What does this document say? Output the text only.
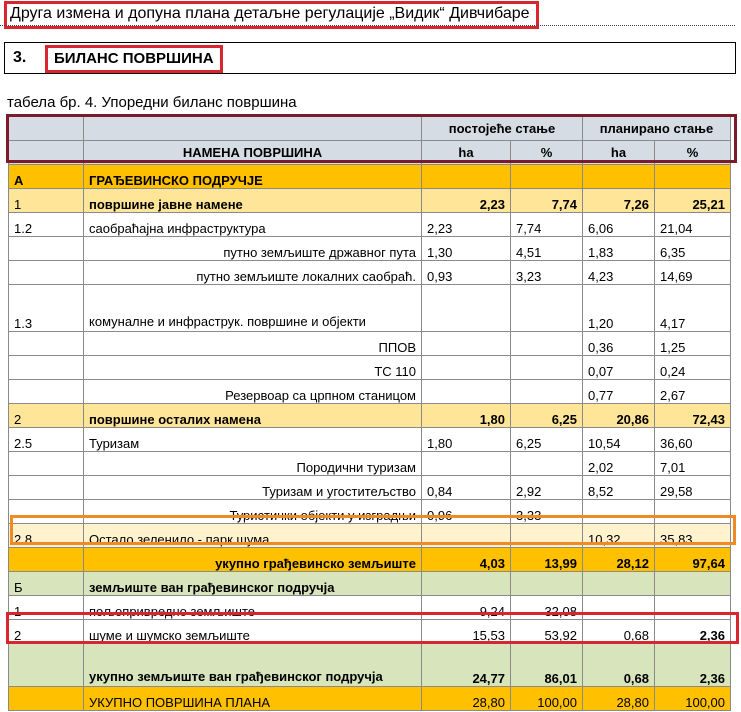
Друга измена и допуна плана детаљне регулације „Видик“ Дивчибаре
3.	БИЛАНС ПОВРШИНА
табела бр. 4. Упоредни биланс површина
		постојеће стање		планирано стање	
	НАМЕНА ПОВРШИНА	ha	%	ha	%
А	ГРАЂЕВИНСКО ПОДРУЧЈЕ				
1	површине јавне намене	2,23	7,74	7,26	25,21
1.2	саобраћајна инфраструктура	2,23	7,74	6,06	21,04
	путно земљиште државног пута	1,30	4,51	1,83	6,35
	путно земљиште локалних саобраћ.	0,93	3,23	4,23	14,69
1.3	комуналне и инфраструк. површине и објекти			1,20	4,17
	ППОВ			0,36	1,25
	ТС 110			0,07	0,24
	Резервоар са црпном станицом			0,77	2,67
2	површине осталих намена	1,80	6,25	20,86	72,43
2.5	Туризам	1,80	6,25	10,54	36,60
	Породични туризам			2,02	7,01
	Туризам и угоститељство	0,84	2,92	8,52	29,58
	Туристички објекти у изградњи	0,96	3,33		
2.8	Остало зеленило - парк шума			10,32	35,83
	укупно грађевинско земљиште	4,03	13,99	28,12	97,64
Б	земљиште ван грађевинског подручја				
1	пољопривредно земљиште	9,24	32,08		
2	шуме и шумско земљиште	15,53	53,92	0,68	2,36
	укупно земљиште ван грађевинског подручја	24,77	86,01	0,68	2,36
	УКУПНО ПОВРШИНА ПЛАНА	28,80	100,00	28,80	100,00
